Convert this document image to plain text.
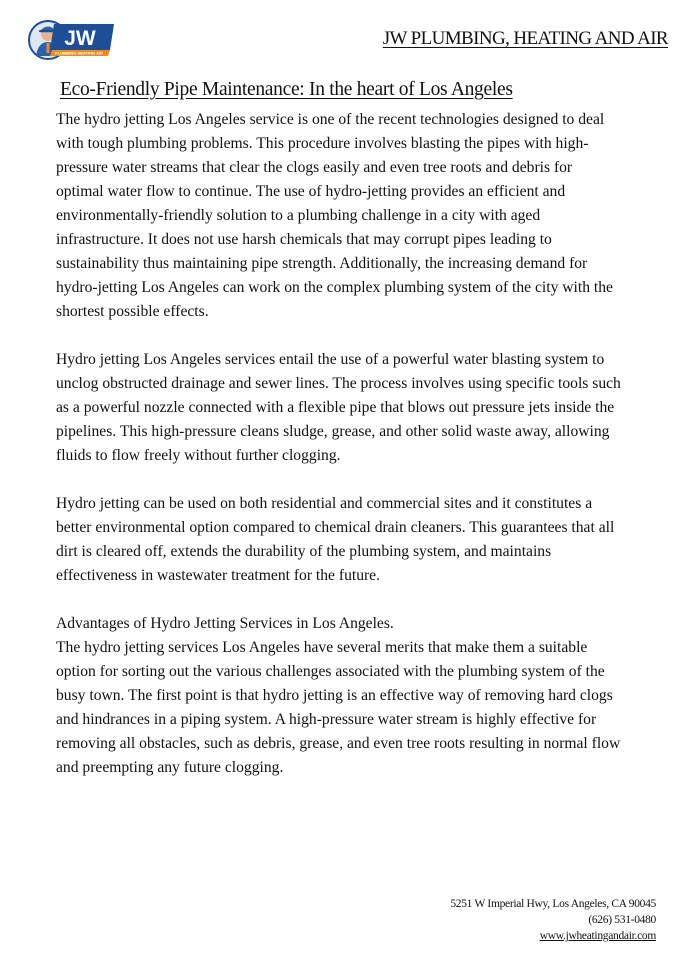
JW
PLUMBING HEATING AIR
JW PLUMBING, HEATING AND AIR
Eco-Friendly Pipe Maintenance: In the heart of Los Angeles

The hydro jetting Los Angeles service is one of the recent technologies designed to deal with tough plumbing problems. This procedure involves blasting the pipes with high-pressure water streams that clear the clogs easily and even tree roots and debris for optimal water flow to continue. The use of hydro-jetting provides an efficient and environmentally-friendly solution to a plumbing challenge in a city with aged infrastructure. It does not use harsh chemicals that may corrupt pipes leading to sustainability thus maintaining pipe strength. Additionally, the increasing demand for hydro-jetting Los Angeles can work on the complex plumbing system of the city with the shortest possible effects.

Hydro jetting Los Angeles services entail the use of a powerful water blasting system to unclog obstructed drainage and sewer lines. The process involves using specific tools such as a powerful nozzle connected with a flexible pipe that blows out pressure jets inside the pipelines. This high-pressure cleans sludge, grease, and other solid waste away, allowing fluids to flow freely without further clogging.

Hydro jetting can be used on both residential and commercial sites and it constitutes a better environmental option compared to chemical drain cleaners. This guarantees that all dirt is cleared off, extends the durability of the plumbing system, and maintains effectiveness in wastewater treatment for the future.

Advantages of Hydro Jetting Services in Los Angeles.

The hydro jetting services Los Angeles have several merits that make them a suitable option for sorting out the various challenges associated with the plumbing system of the busy town. The first point is that hydro jetting is an effective way of removing hard clogs and hindrances in a piping system. A high-pressure water stream is highly effective for removing all obstacles, such as debris, grease, and even tree roots resulting in normal flow and preempting any future clogging.

5251 W Imperial Hwy, Los Angeles, CA 90045
(626) 531-0480
www.jwheatingandair.com
